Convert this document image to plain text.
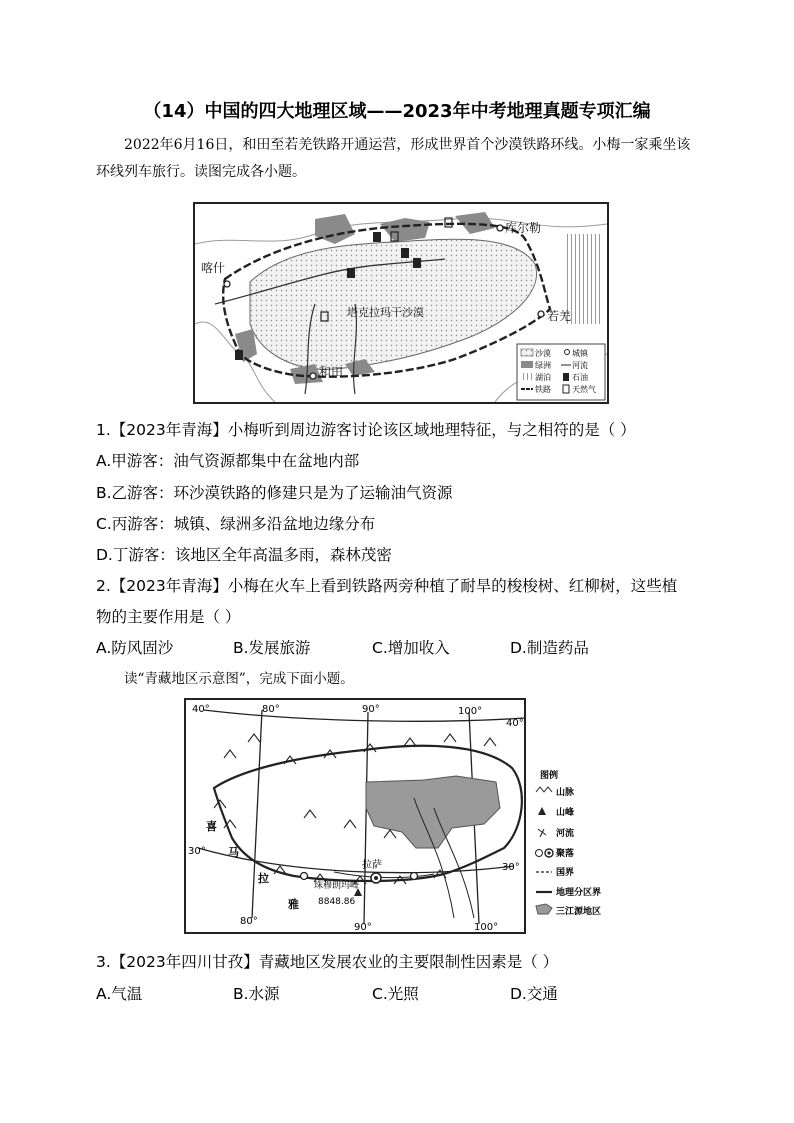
（14）中国的四大地理区域——2023年中考地理真题专项汇编
2022年6月16日，和田至若羌铁路开通运营，形成世界首个沙漠铁路环线。小梅一家乘坐该环线列车旅行。读图完成各小题。
库尔勒
喀什
塔克拉玛干沙漠	若羌
和田
沙漠	城镇
绿洲	河流
湖泊	石油
铁路	天然气
1.【2023年青海】小梅听到周边游客讨论该区域地理特征，与之相符的是（ ）
A.甲游客：油气资源都集中在盆地内部
B.乙游客：环沙漠铁路的修建只是为了运输油气资源
C.丙游客：城镇、绿洲多沿盆地边缘分布
D.丁游客：该地区全年高温多雨，森林茂密
2.【2023年青海】小梅在火车上看到铁路两旁种植了耐旱的梭梭树、红柳树，这些植
物的主要作用是（ ）
A.防风固沙	B.发展旅游	C.增加收入	D.制造药品
读“青藏地区示意图”，完成下面小题。
40°
40°
30°
30°
80°
80°
90°
90°
100°
100°
喜
马
拉
雅
珠穆朗玛峰
8848.86
拉萨
图例
山脉
山峰
河流
聚落
国界
地理分区界
三江源地区
3.【2023年四川甘孜】青藏地区发展农业的主要限制性因素是（ ）
A.气温	B.水源	C.光照	D.交通
